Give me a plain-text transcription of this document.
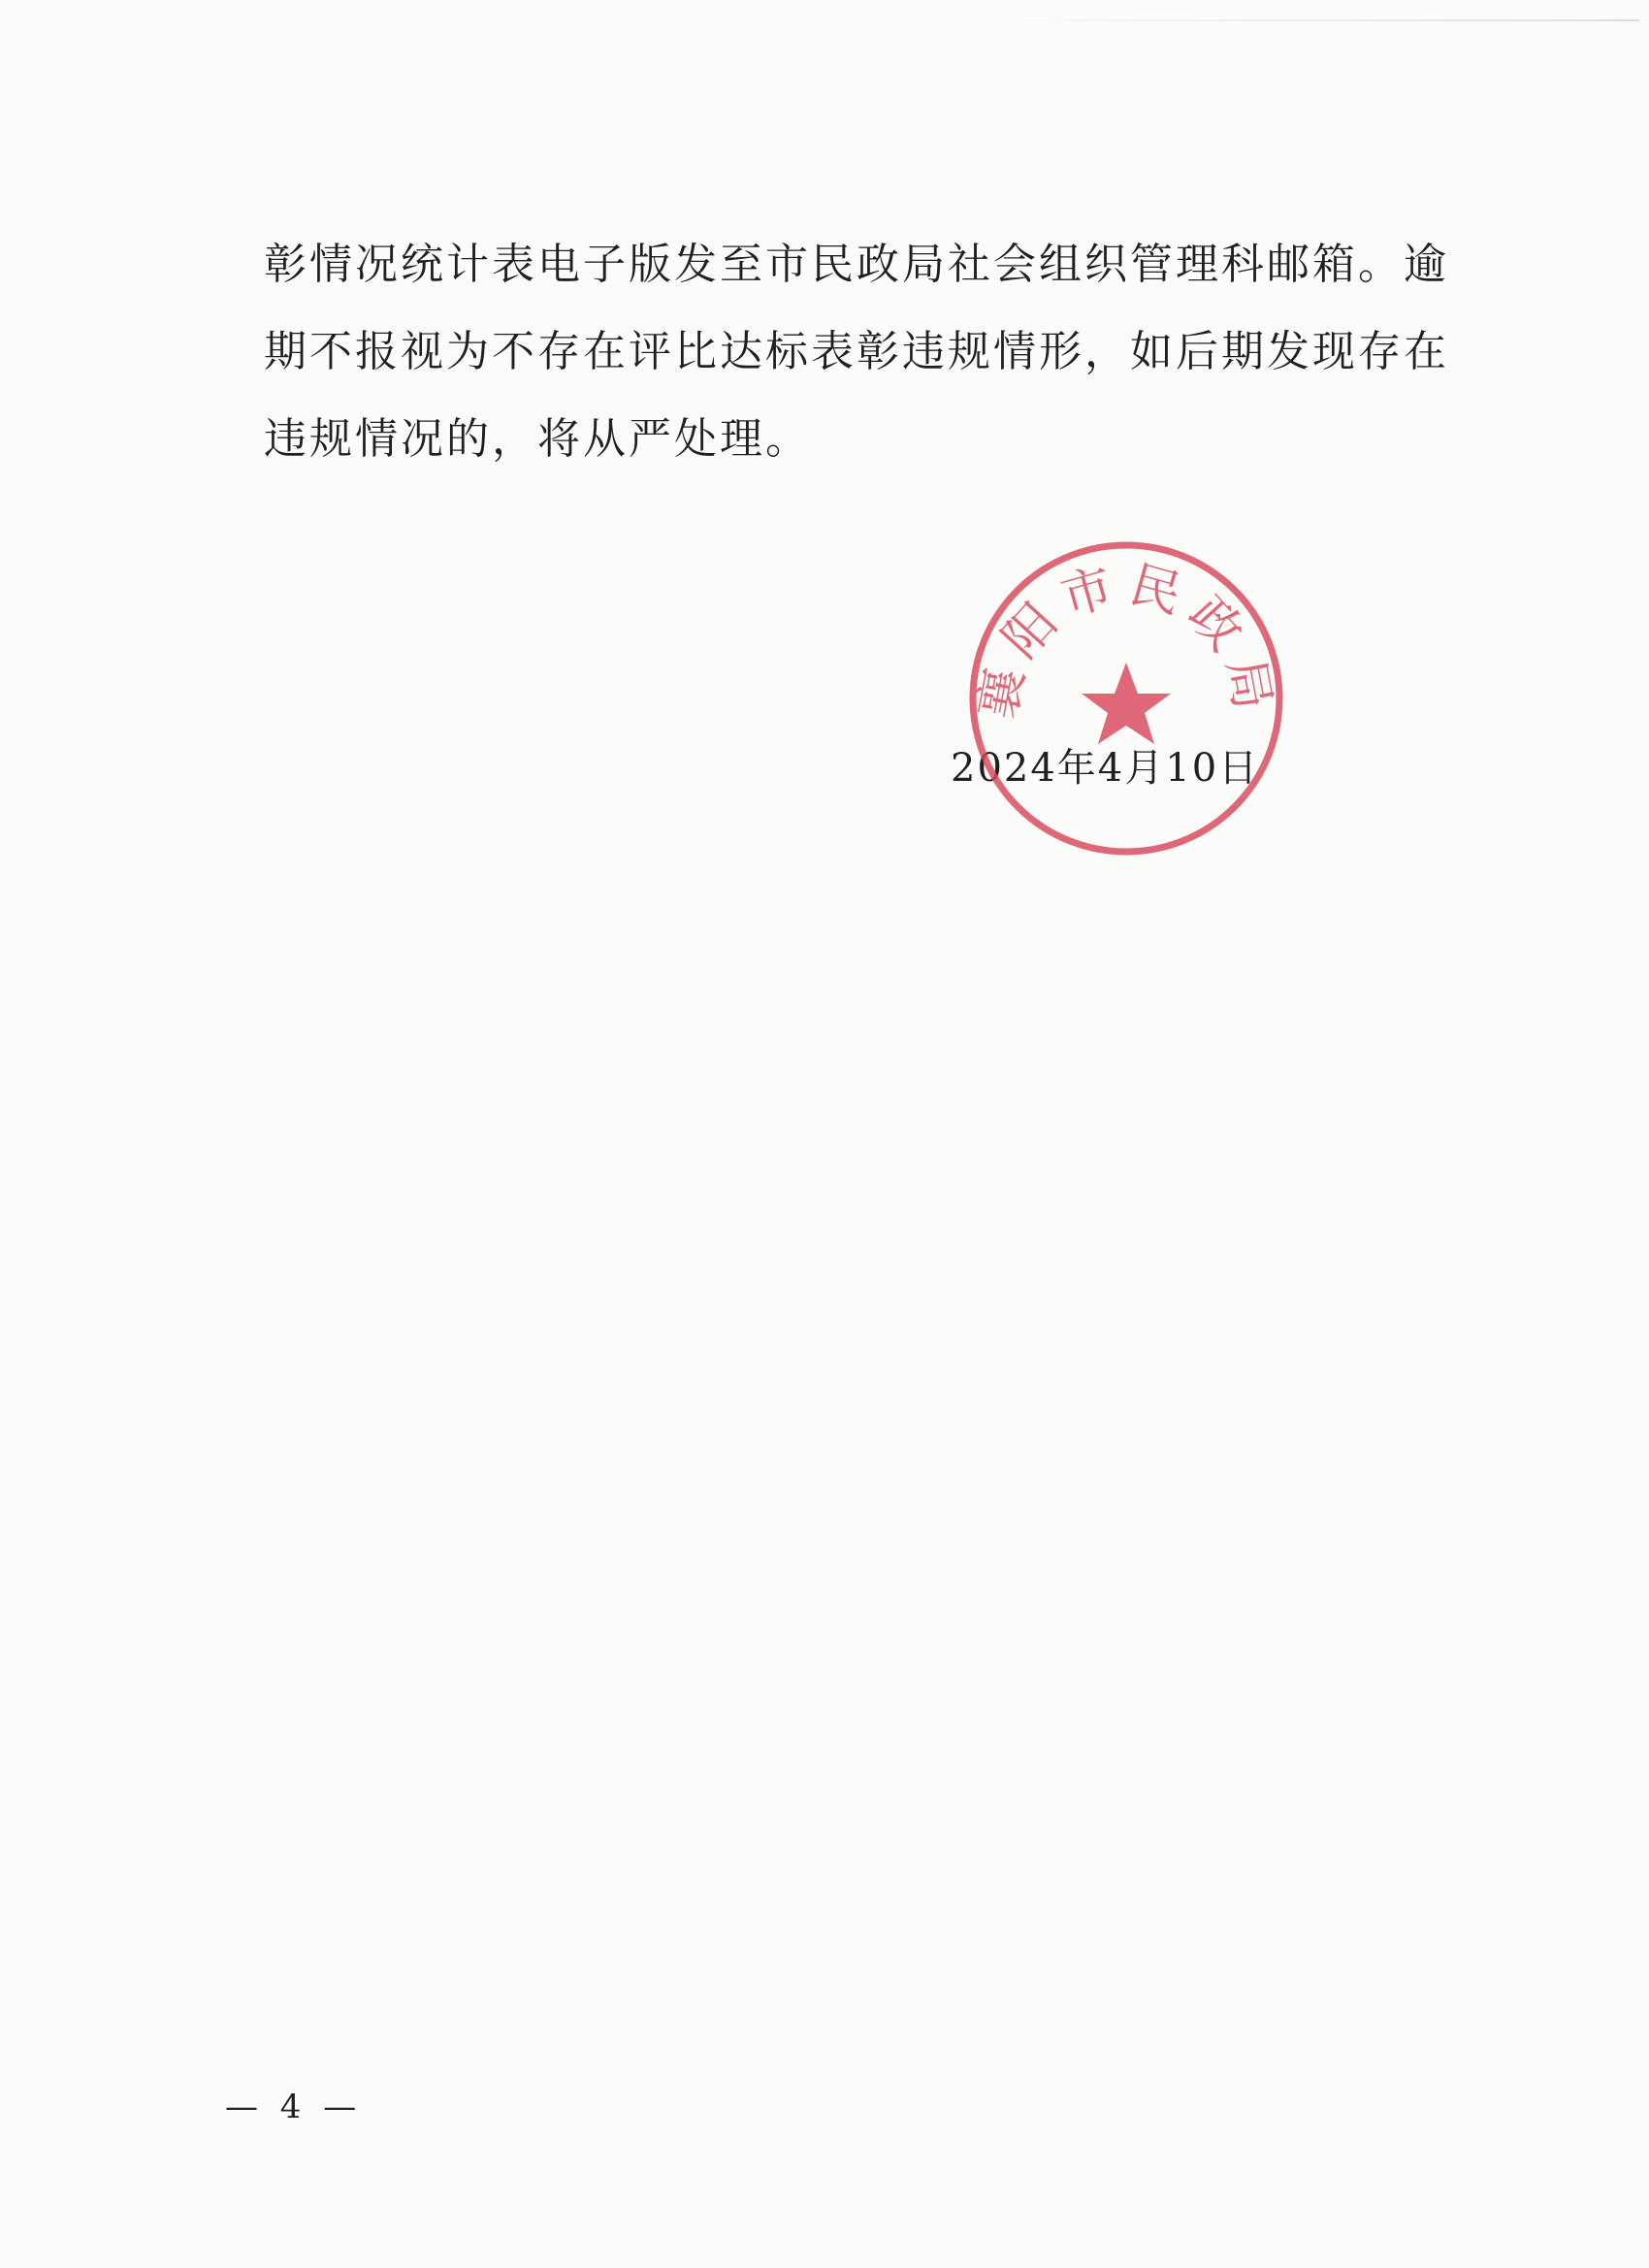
彰情况统计表电子版发至市民政局社会组织管理科邮箱。逾

期不报视为不存在评比达标表彰违规情形，如后期发现存在

违规情况的，将从严处理。

2024年4月10日
襄阳市民政局
— 4 —
